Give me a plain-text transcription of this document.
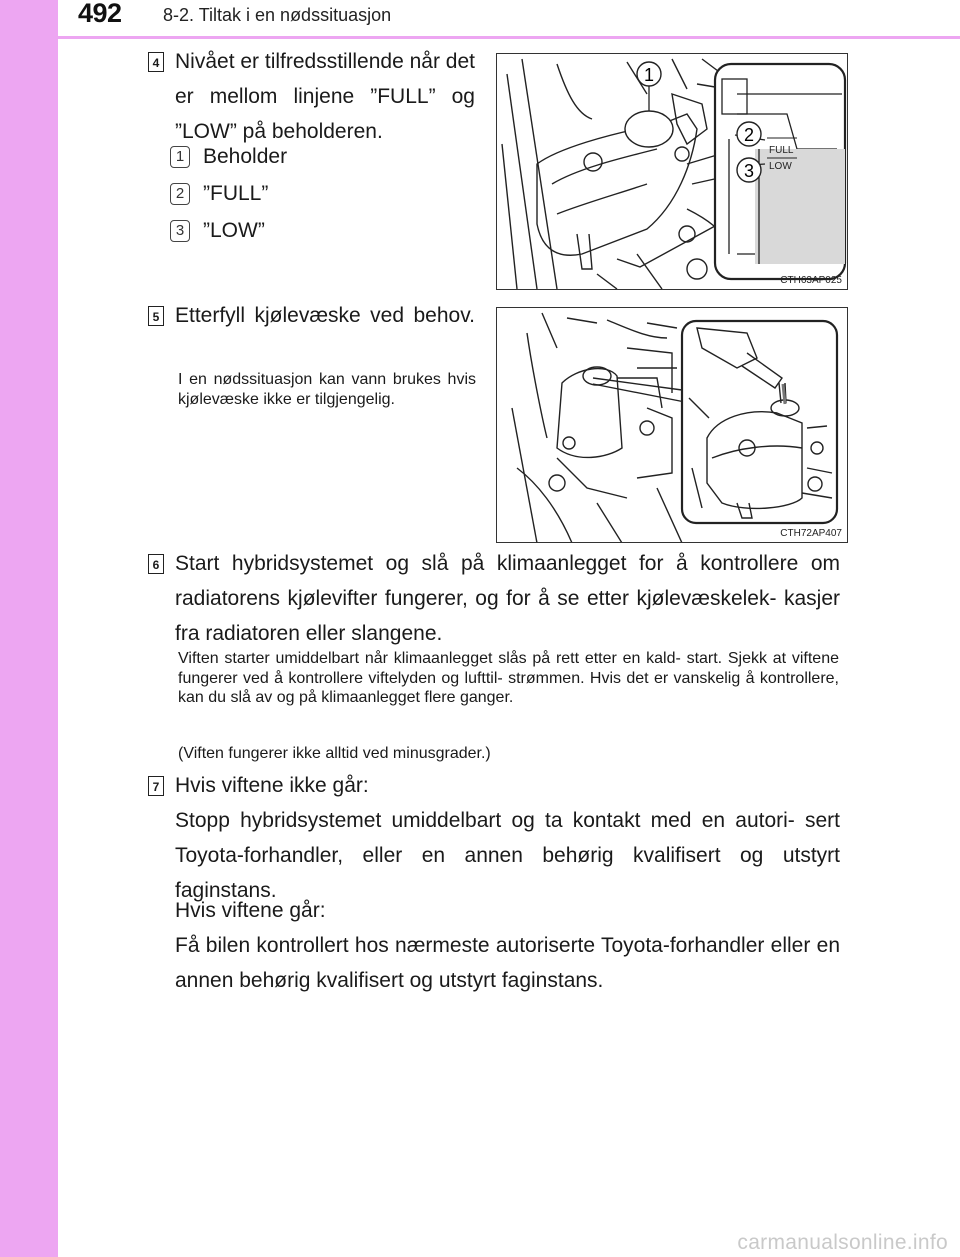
492 8-2. Tiltak i en nødssituasjon
4 Nivået er tilfredsstillende når det er mellom linjene ”FULL” og ”LOW” på beholderen.
1 Beholder
2 ”FULL”
3 ”LOW”
FULL
LOW
1
2
3
CTH63AP025
5 Etterfyll kjølevæske ved behov.
I en nødssituasjon kan vann brukes hvis kjølevæske ikke er tilgjengelig.
CTH72AP407
6 Start hybridsystemet og slå på klimaanlegget for å kontrollere om radiatorens kjølevifter fungerer, og for å se etter kjølevæskelek- kasjer fra radiatoren eller slangene.
Viften starter umiddelbart når klimaanlegget slås på rett etter en kald- start. Sjekk at viftene fungerer ved å kontrollere viftelyden og lufttil- strømmen. Hvis det er vanskelig å kontrollere, kan du slå av og på klimaanlegget flere ganger.
(Viften fungerer ikke alltid ved minusgrader.)
7 Hvis viftene ikke går:
Stopp hybridsystemet umiddelbart og ta kontakt med en autori- sert Toyota-forhandler, eller en annen behørig kvalifisert og utstyrt faginstans.
Hvis viftene går:
Få bilen kontrollert hos nærmeste autoriserte Toyota-forhandler eller en annen behørig kvalifisert og utstyrt faginstans.
carmanualsonline.info
